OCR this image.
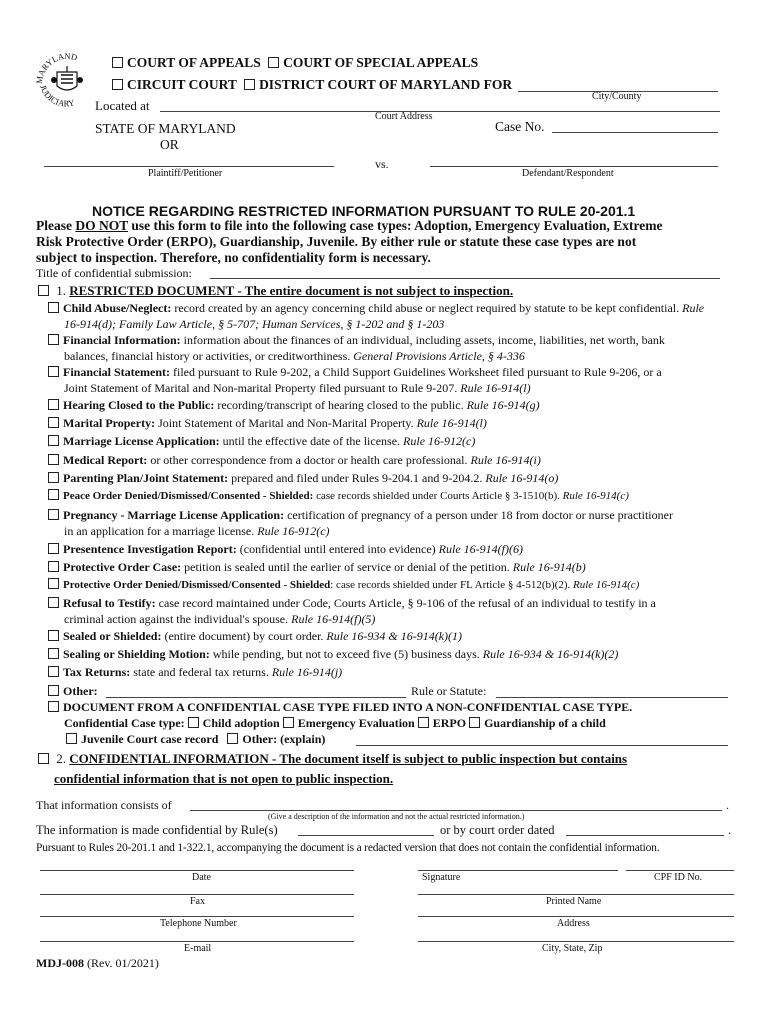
MARYLAND
JUDICIARY
COURT OF APPEALS COURT OF SPECIAL APPEALS
CIRCUIT COURT DISTRICT COURT OF MARYLAND FOR
City/County
Located at
Court Address
STATE OF MARYLAND
OR
Case No.
Plaintiff/Petitioner
vs.
Defendant/Respondent
NOTICE REGARDING RESTRICTED INFORMATION PURSUANT TO RULE 20-201.1
Please DO NOT use this form to file into the following case types: Adoption, Emergency Evaluation, Extreme
Risk Protective Order (ERPO), Guardianship, Juvenile. By either rule or statute these case types are not
subject to inspection. Therefore, no confidentiality form is necessary.
Title of confidential submission:
1. RESTRICTED DOCUMENT - The entire document is not subject to inspection.
Child Abuse/Neglect: record created by an agency concerning child abuse or neglect required by statute to be kept confidential. Rule
16-914(d); Family Law Article, § 5-707; Human Services, § 1-202 and § 1-203
Financial Information: information about the finances of an individual, including assets, income, liabilities, net worth, bank
balances, financial history or activities, or creditworthiness. General Provisions Article, § 4-336
Financial Statement: filed pursuant to Rule 9-202, a Child Support Guidelines Worksheet filed pursuant to Rule 9-206, or a
Joint Statement of Marital and Non-marital Property filed pursuant to Rule 9-207. Rule 16-914(l)
Hearing Closed to the Public: recording/transcript of hearing closed to the public. Rule 16-914(g)
Marital Property: Joint Statement of Marital and Non-Marital Property. Rule 16-914(l)
Marriage License Application: until the effective date of the license. Rule 16-912(c)
Medical Report: or other correspondence from a doctor or health care professional. Rule 16-914(i)
Parenting Plan/Joint Statement: prepared and filed under Rules 9-204.1 and 9-204.2. Rule 16-914(o)
Peace Order Denied/Dismissed/Consented - Shielded: case records shielded under Courts Article § 3-1510(b). Rule 16-914(c)
Pregnancy - Marriage License Application: certification of pregnancy of a person under 18 from doctor or nurse practitioner
in an application for a marriage license. Rule 16-912(c)
Presentence Investigation Report: (confidential until entered into evidence) Rule 16-914(f)(6)
Protective Order Case: petition is sealed until the earlier of service or denial of the petition. Rule 16-914(b)
Protective Order Denied/Dismissed/Consented - Shielded: case records shielded under FL Article § 4-512(b)(2). Rule 16-914(c)
Refusal to Testify: case record maintained under Code, Courts Article, § 9-106 of the refusal of an individual to testify in a
criminal action against the individual's spouse. Rule 16-914(f)(5)
Sealed or Shielded: (entire document) by court order. Rule 16-934 & 16-914(k)(1)
Sealing or Shielding Motion: while pending, but not to exceed five (5) business days. Rule 16-934 & 16-914(k)(2)
Tax Returns: state and federal tax returns. Rule 16-914(j)
Other:	Rule or Statute:
DOCUMENT FROM A CONFIDENTIAL CASE TYPE FILED INTO A NON-CONFIDENTIAL CASE TYPE.
Confidential Case type: Child adoption Emergency Evaluation ERPO Guardianship of a child
Juvenile Court case record Other: (explain)
2. CONFIDENTIAL INFORMATION - The document itself is subject to public inspection but contains
confidential information that is not open to public inspection.
That information consists of	.
(Give a description of the information and not the actual restricted information.)
The information is made confidential by Rule(s)	or by court order dated	.
Pursuant to Rules 20-201.1 and 1-322.1, accompanying the document is a redacted version that does not contain the confidential information.
Date	Signature	CPF ID No.
Fax	Printed Name
Telephone Number	Address
E-mail	City, State, Zip
MDJ-008 (Rev. 01/2021)
